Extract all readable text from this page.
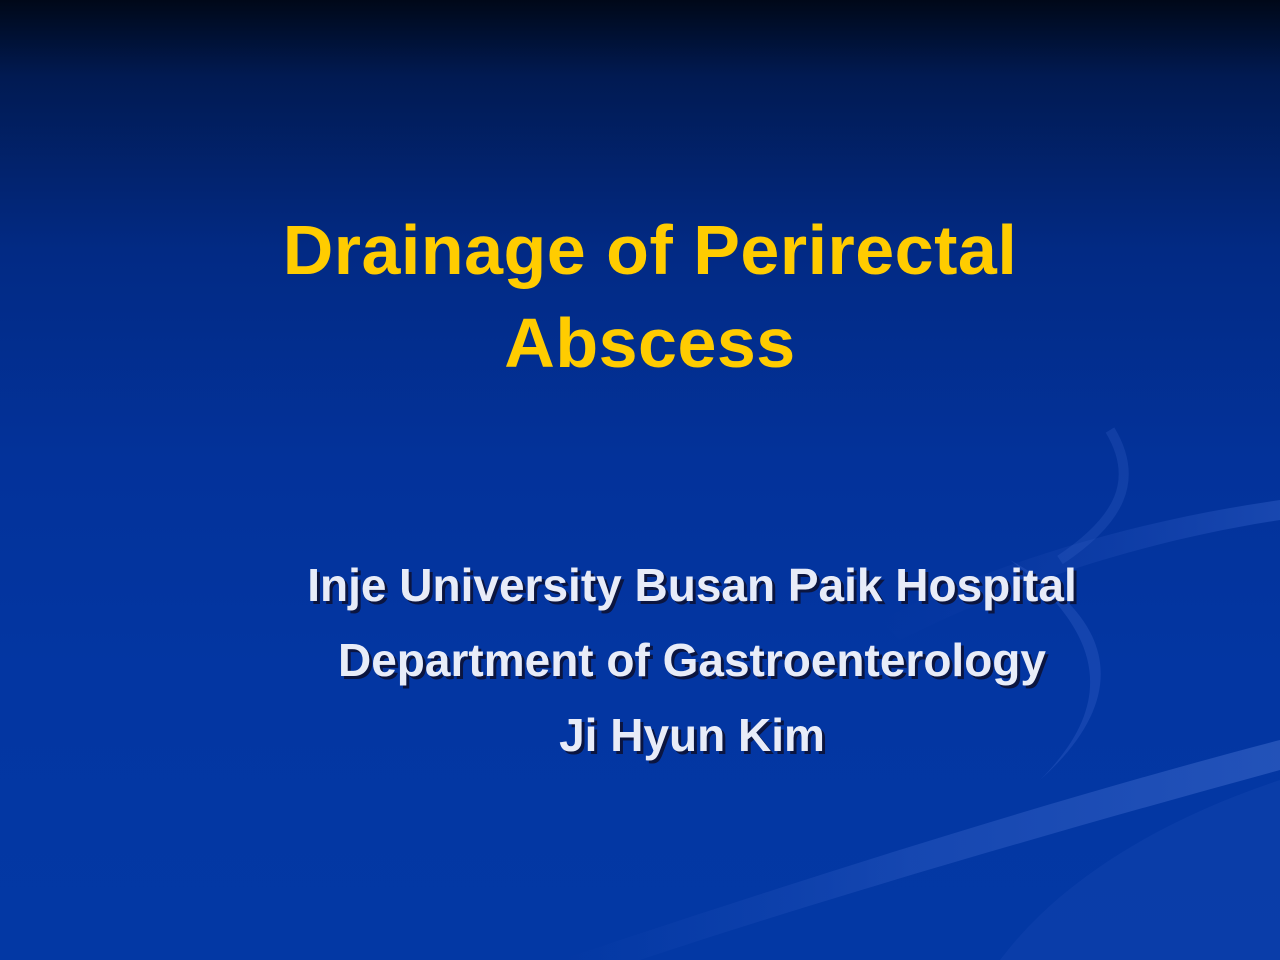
Drainage of Perirectal
Abscess
Inje University Busan Paik Hospital
Department of Gastroenterology
Ji Hyun Kim
